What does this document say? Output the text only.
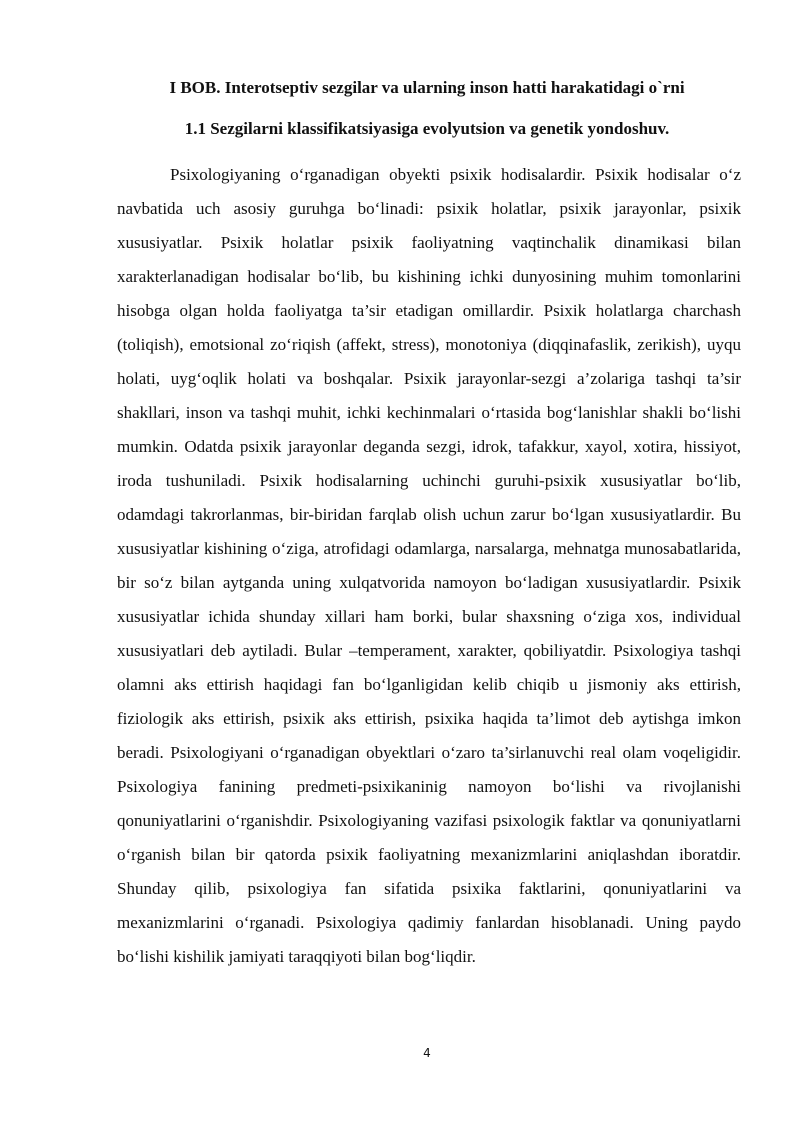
I BOB. Interotseptiv sezgilar va ularning inson hatti harakatidagi o`rni
1.1 Sezgilarni klassifikatsiyasiga evolyutsion va genetik yondoshuv.

Psixologiyaning o‘rganadigan obyekti psixik hodisalardir. Psixik hodisalar o‘z navbatida uch asosiy guruhga bo‘linadi: psixik holatlar, psixik jarayonlar, psixik xususiyatlar. Psixik holatlar psixik faoliyatning vaqtinchalik dinamikasi bilan xarakterlanadigan hodisalar bo‘lib, bu kishining ichki dunyosining muhim tomonlarini hisobga olgan holda faoliyatga ta’sir etadigan omillardir. Psixik holatlarga charchash (toliqish), emotsional zo‘riqish (affekt, stress), monotoniya (diqqinafaslik, zerikish), uyqu holati, uyg‘oqlik holati va boshqalar. Psixik jarayonlar-sezgi a’zolariga tashqi ta’sir shakllari, inson va tashqi muhit, ichki kechinmalari o‘rtasida bog‘lanishlar shakli bo‘lishi mumkin. Odatda psixik jarayonlar deganda sezgi, idrok, tafakkur, xayol, xotira, hissiyot, iroda tushuniladi. Psixik hodisalarning uchinchi guruhi-psixik xususiyatlar bo‘lib, odamdagi takrorlanmas, bir-biridan farqlab olish uchun zarur bo‘lgan xususiyatlardir. Bu xususiyatlar kishining o‘ziga, atrofidagi odamlarga, narsalarga, mehnatga munosabatlarida, bir so‘z bilan aytganda uning xulqatvorida namoyon bo‘ladigan xususiyatlardir. Psixik xususiyatlar ichida shunday xillari ham borki, bular shaxsning o‘ziga xos, individual xususiyatlari deb aytiladi. Bular –temperament, xarakter, qobiliyatdir. Psixologiya tashqi olamni aks ettirish haqidagi fan bo‘lganligidan kelib chiqib u jismoniy aks ettirish, fiziologik aks ettirish, psixik aks ettirish, psixika haqida ta’limot deb aytishga imkon beradi. Psixologiyani o‘rganadigan obyektlari o‘zaro ta’sirlanuvchi real olam voqeligidir. Psixologiya fanining predmeti-psixikaninig namoyon bo‘lishi va rivojlanishi qonuniyatlarini o‘rganishdir. Psixologiyaning vazifasi psixologik faktlar va qonuniyatlarni o‘rganish bilan bir qatorda psixik faoliyatning mexanizmlarini aniqlashdan iboratdir. Shunday qilib, psixologiya fan sifatida psixika faktlarini, qonuniyatlarini va mexanizmlarini o‘rganadi. Psixologiya qadimiy fanlardan hisoblanadi. Uning paydo bo‘lishi kishilik jamiyati taraqqiyoti bilan bog‘liqdir.

4
